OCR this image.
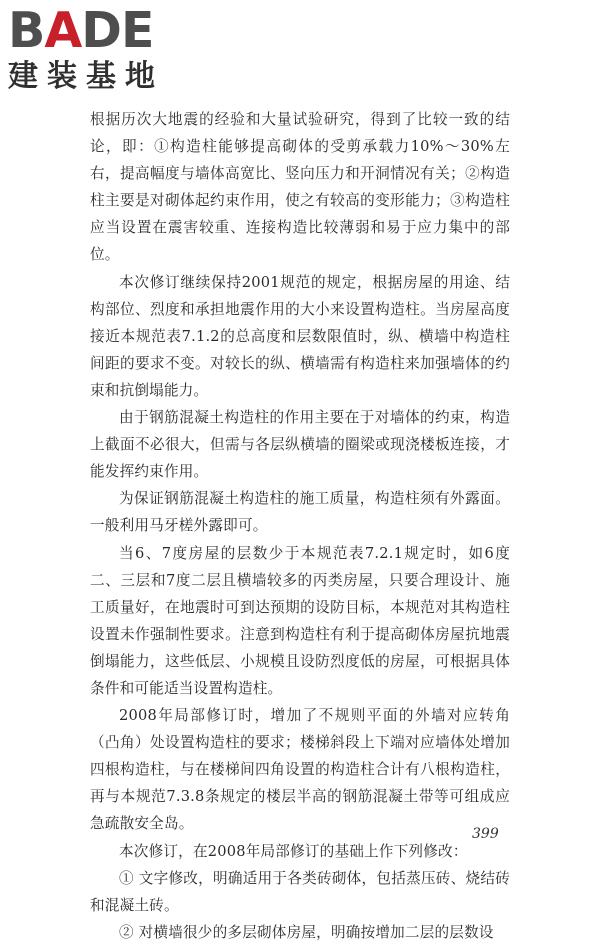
BADE
建装基地

根据历次大地震的经验和大量试验研究，得到了比较一致的结论，即：①构造柱能够提高砌体的受剪承载力10%～30%左右，提高幅度与墙体高宽比、竖向压力和开洞情况有关；②构造柱主要是对砌体起约束作用，使之有较高的变形能力；③构造柱应当设置在震害较重、连接构造比较薄弱和易于应力集中的部位。

本次修订继续保持2001规范的规定，根据房屋的用途、结构部位、烈度和承担地震作用的大小来设置构造柱。当房屋高度接近本规范表7.1.2的总高度和层数限值时，纵、横墙中构造柱间距的要求不变。对较长的纵、横墙需有构造柱来加强墙体的约束和抗倒塌能力。

由于钢筋混凝土构造柱的作用主要在于对墙体的约束，构造上截面不必很大，但需与各层纵横墙的圈梁或现浇楼板连接，才能发挥约束作用。

为保证钢筋混凝土构造柱的施工质量，构造柱须有外露面。一般利用马牙槎外露即可。

当6、7度房屋的层数少于本规范表7.2.1规定时，如6度二、三层和7度二层且横墙较多的丙类房屋，只要合理设计、施工质量好，在地震时可到达预期的设防目标，本规范对其构造柱设置未作强制性要求。注意到构造柱有利于提高砌体房屋抗地震倒塌能力，这些低层、小规模且设防烈度低的房屋，可根据具体条件和可能适当设置构造柱。

2008年局部修订时，增加了不规则平面的外墙对应转角（凸角）处设置构造柱的要求；楼梯斜段上下端对应墙体处增加四根构造柱，与在楼梯间四角设置的构造柱合计有八根构造柱，再与本规范7.3.8条规定的楼层半高的钢筋混凝土带等可组成应急疏散安全岛。

本次修订，在2008年局部修订的基础上作下列修改：

① 文字修改，明确适用于各类砖砌体，包括蒸压砖、烧结砖和混凝土砖。

② 对横墙很少的多层砌体房屋，明确按增加二层的层数设

399
